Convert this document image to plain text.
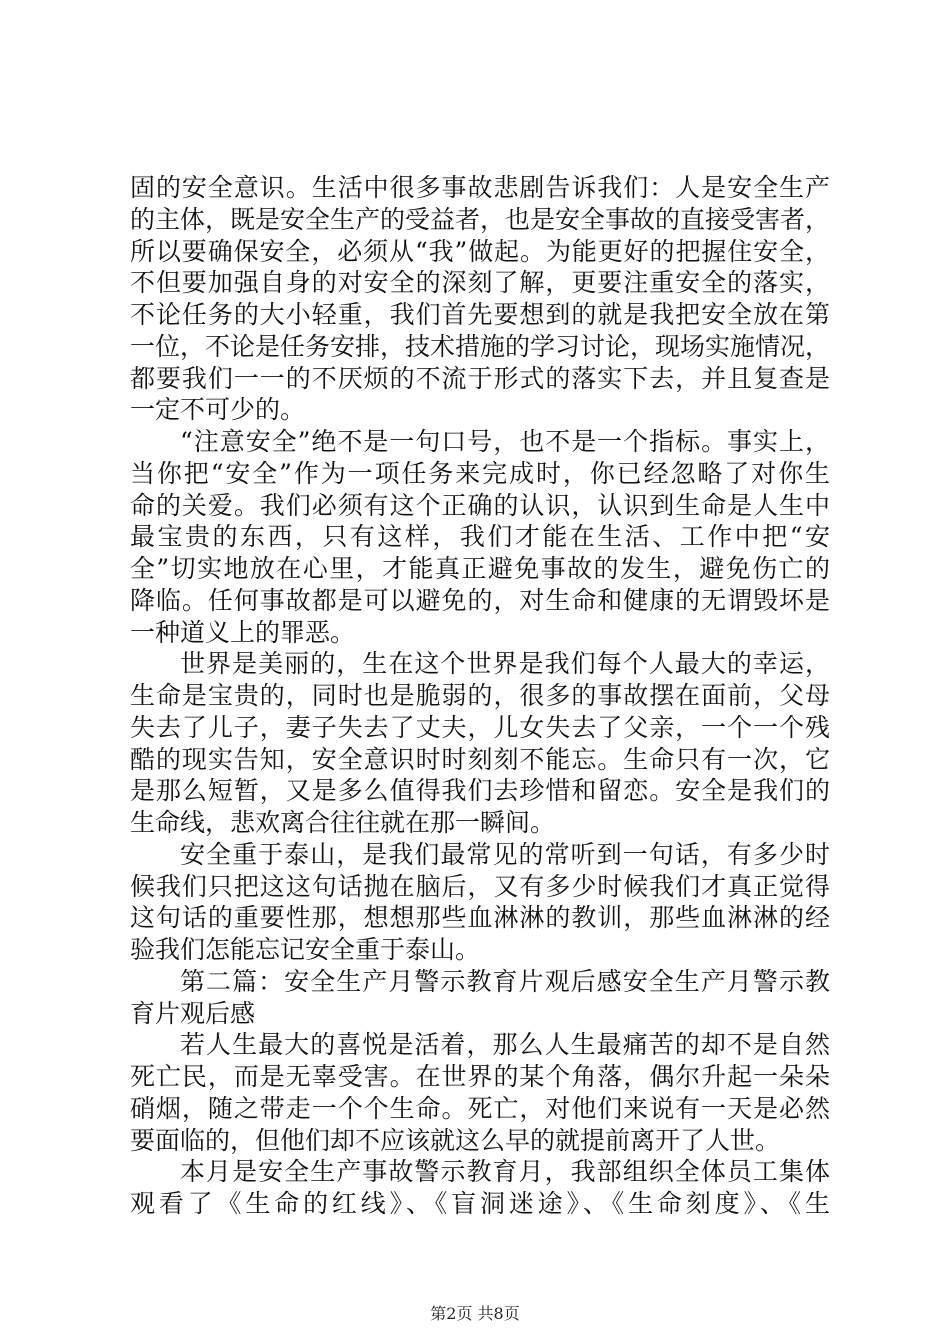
固的安全意识。生活中很多事故悲剧告诉我们：人是安全生产
的主体，既是安全生产的受益者，也是安全事故的直接受害者，
所以要确保安全，必须从“我”做起。为能更好的把握住安全，
不但要加强自身的对安全的深刻了解，更要注重安全的落实，
不论任务的大小轻重，我们首先要想到的就是我把安全放在第
一位，不论是任务安排，技术措施的学习讨论，现场实施情况，
都要我们一一的不厌烦的不流于形式的落实下去，并且复查是
一定不可少的。
“注意安全”绝不是一句口号，也不是一个指标。事实上，
当你把“安全”作为一项任务来完成时，你已经忽略了对你生
命的关爱。我们必须有这个正确的认识，认识到生命是人生中
最宝贵的东西，只有这样，我们才能在生活、工作中把“安
全”切实地放在心里，才能真正避免事故的发生，避免伤亡的
降临。任何事故都是可以避免的，对生命和健康的无谓毁坏是
一种道义上的罪恶。
世界是美丽的，生在这个世界是我们每个人最大的幸运，
生命是宝贵的，同时也是脆弱的，很多的事故摆在面前，父母
失去了儿子，妻子失去了丈夫，儿女失去了父亲，一个一个残
酷的现实告知，安全意识时时刻刻不能忘。生命只有一次，它
是那么短暂，又是多么值得我们去珍惜和留恋。安全是我们的
生命线，悲欢离合往往就在那一瞬间。
安全重于泰山，是我们最常见的常听到一句话，有多少时
候我们只把这这句话抛在脑后，又有多少时候我们才真正觉得
这句话的重要性那，想想那些血淋淋的教训，那些血淋淋的经
验我们怎能忘记安全重于泰山。
第二篇：安全生产月警示教育片观后感安全生产月警示教
育片观后感
若人生最大的喜悦是活着，那么人生最痛苦的却不是自然
死亡民，而是无辜受害。在世界的某个角落，偶尔升起一朵朵
硝烟，随之带走一个个生命。死亡，对他们来说有一天是必然
要面临的，但他们却不应该就这么早的就提前离开了人世。
本月是安全生产事故警示教育月，我部组织全体员工集体
观看了《生命的红线》、《盲洞迷途》、《生命刻度》、《生
第2页 共8页
